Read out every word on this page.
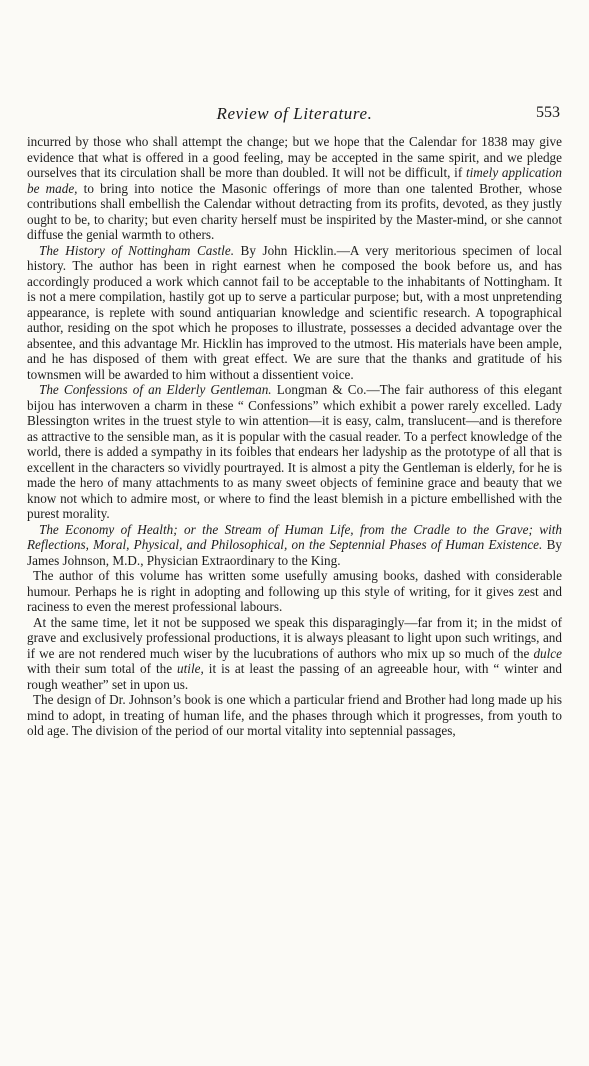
Review of Literature.	553

incurred by those who shall attempt the change; but we hope that the Calendar for 1838 may give evidence that what is offered in a good feeling, may be accepted in the same spirit, and we pledge ourselves that its circulation shall be more than doubled. It will not be difficult, if timely application be made, to bring into notice the Masonic offerings of more than one talented Brother, whose contributions shall embellish the Calendar without detracting from its profits, devoted, as they justly ought to be, to charity; but even charity herself must be inspirited by the Master-mind, or she cannot diffuse the genial warmth to others.

The History of Nottingham Castle. By John Hicklin.—A very meritorious specimen of local history. The author has been in right earnest when he composed the book before us, and has accordingly produced a work which cannot fail to be acceptable to the inhabitants of Nottingham. It is not a mere compilation, hastily got up to serve a particular purpose; but, with a most unpretending appearance, is replete with sound antiquarian knowledge and scientific research. A topographical author, residing on the spot which he proposes to illustrate, possesses a decided advantage over the absentee, and this advantage Mr. Hicklin has improved to the utmost. His materials have been ample, and he has disposed of them with great effect. We are sure that the thanks and gratitude of his townsmen will be awarded to him without a dissentient voice.

The Confessions of an Elderly Gentleman. Longman & Co.—The fair authoress of this elegant bijou has interwoven a charm in these “ Confessions” which exhibit a power rarely excelled. Lady Blessington writes in the truest style to win attention—it is easy, calm, translucent—and is therefore as attractive to the sensible man, as it is popular with the casual reader. To a perfect knowledge of the world, there is added a sympathy in its foibles that endears her ladyship as the prototype of all that is excellent in the characters so vividly pourtrayed. It is almost a pity the Gentleman is elderly, for he is made the hero of many attachments to as many sweet objects of feminine grace and beauty that we know not which to admire most, or where to find the least blemish in a picture embellished with the purest morality.

The Economy of Health; or the Stream of Human Life, from the Cradle to the Grave; with Reflections, Moral, Physical, and Philosophical, on the Septennial Phases of Human Existence. By James Johnson, M.D., Physician Extraordinary to the King.

The author of this volume has written some usefully amusing books, dashed with considerable humour. Perhaps he is right in adopting and following up this style of writing, for it gives zest and raciness to even the merest professional labours.

At the same time, let it not be supposed we speak this disparagingly—far from it; in the midst of grave and exclusively professional productions, it is always pleasant to light upon such writings, and if we are not rendered much wiser by the lucubrations of authors who mix up so much of the dulce with their sum total of the utile, it is at least the passing of an agreeable hour, with “ winter and rough weather” set in upon us.

The design of Dr. Johnson’s book is one which a particular friend and Brother had long made up his mind to adopt, in treating of human life, and the phases through which it progresses, from youth to old age. The division of the period of our mortal vitality into septennial passages,
